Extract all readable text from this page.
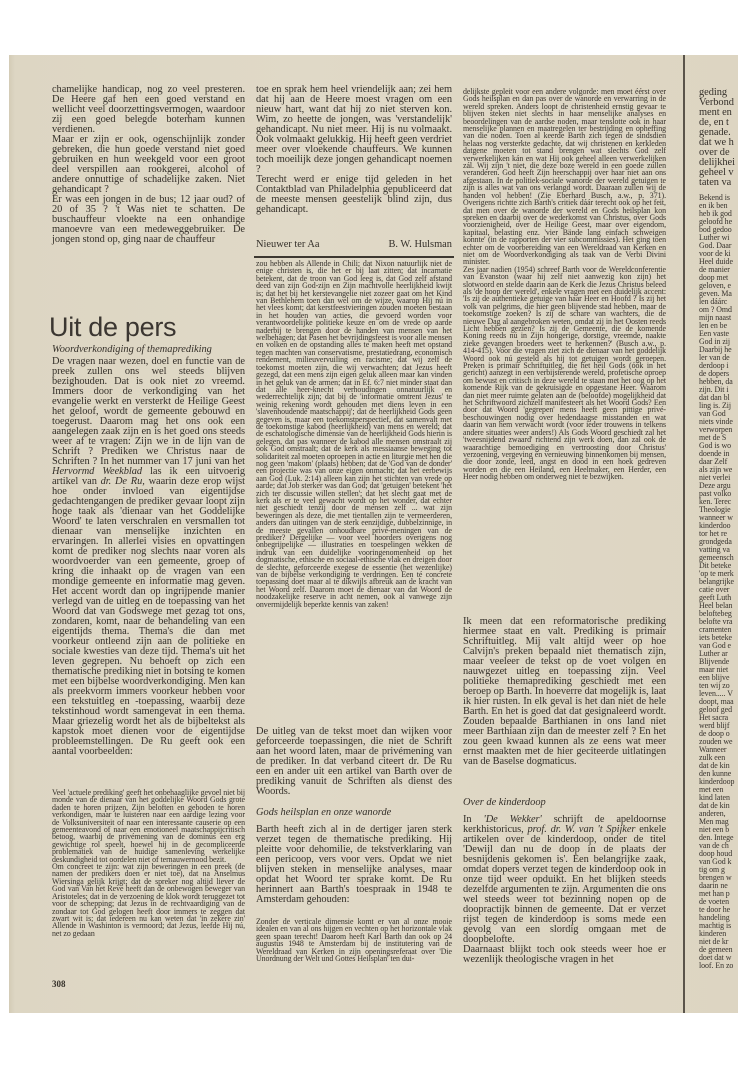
chamelijke handicap, nog zo veel presteren. De Heere gaf hen een goed verstand en wellicht veel doorzettingsvermogen, waardoor zij een goed belegde boterham kunnen verdienen.

Maar er zijn er ook, ogenschijnlijk zonder gebreken, die hun goede verstand niet goed gebruiken en hun weekgeld voor een groot deel verspillen aan rookgerei, alcohol of andere onnuttige of schadelijke zaken. Niet gehandicapt ?

Er was een jongen in de bus; 12 jaar oud? of 20 of 35 ? 't Was niet te schatten. De buschauffeur vloekte na een onhandige manoevre van een medeweggebruiker. De jongen stond op, ging naar de chauffeur

Uit de pers
Woordverkondiging of themaprediking

De vragen naar wezen, doel en functie van de preek zullen ons wel steeds blijven bezighouden. Dat is ook niet zo vreemd. Immers door de verkondiging van het evangelie werkt en versterkt de Heilige Geest het geloof, wordt de gemeente gebouwd en toegerust. Daarom mag het ons ook een aangelegen zaak zijn en is het goed ons steeds weer af te vragen: Zijn we in de lijn van de Schrift ? Prediken we Christus naar de Schriften ? In het nummer van 17 juni van het Hervormd Weekblad las ik een uitvoerig artikel van dr. De Ru, waarin deze erop wijst hoe onder invloed van eigentijdse gedachtengangen de prediker gevaar loopt zijn hoge taak als 'dienaar van het Goddelijke Woord' te laten verschralen en versmallen tot dienaar van menselijke inzichten en ervaringen. In allerlei visies en opvattingen komt de prediker nog slechts naar voren als woordvoerder van een gemeente, groep of kring die inhaakt op de vragen van een mondige gemeente en informatie mag geven. Het accent wordt dan op ingrijpende manier verlegd van de uitleg en de toepassing van het Woord dat van Godswege met gezag tot ons, zondaren, komt, naar de behandeling van een eigentijds thema. Thema's die dan met voorkeur ontleend zijn aan de politieke en sociale kwesties van deze tijd. Thema's uit het leven gegrepen. Nu behoeft op zich een thematische prediking niet in botsing te komen met een bijbelse woordverkondiging. Men kan als preekvorm immers voorkeur hebben voor een tekstuitleg en -toepassing, waarbij deze tekstinhoud wordt samengevat in een thema. Maar griezelig wordt het als de bijbeltekst als kapstok moet dienen voor de eigentijdse probleemstellingen. De Ru geeft ook een aantal voorbeelden:

Veel 'actuele prediking' geeft het onbehaaglijke gevoel niet bij monde van de dienaar van het goddelijke Woord Gods grote daden te horen prijzen, Zijn beloften en geboden te horen verkondigen, maar te luisteren naar een aardige lezing voor de Volksuniversiteit of naar een interessante causerie op een gemeenteavond of naar een emotioneel maatschappijcritisch betoog, waarbij de privémening van de dominus een erg gewichtige rol speelt, hoewel hij in de gecompliceerde problematiek van de huidige samenleving werkelijke deskundigheid tot oordelen niet of ternauwernood bezit.

Om concreet te zijn: wat zijn beweringen in een preek (de namen der predikers doen er niet toe), dat na Anselmus Wiersinga gelijk krijgt; dat de spreker nog altijd liever de God van Van het Reve heeft dan de onbewogen beweger van Aristoteles; dat in de verzoening de klok wordt teruggezet tot voor de schepping; dat Jezus in de rechtvaardiging van de zondaar tot God gelogen heeft door immers te zeggen dat zwart wit is; dat iedereen nu kan weten dat 'in zekere zin' Allende in Washinton is vermoord; dat Jezus, leefde Hij nú, net zo gedaan

308

toe en sprak hem heel vriendelijk aan; zei hem dat hij aan de Heere moest vragen om een nieuw hart, want dat hij zo niet sterven kon. Wim, zo heette de jongen, was 'verstandelijk' gehandicapt. Nu niet meer. Hij is nu volmaakt. Ook volmaakt gelukkig. Hij heeft geen verdriet meer over vloekende chauffeurs. We kunnen toch moeilijk deze jongen gehandicapt noemen ?

Terecht werd er enige tijd geleden in het Contaktblad van Philadelphia gepubliceerd dat de meeste mensen geestelijk blind zijn, dus gehandicapt.

Nieuwer ter Aa	B. W. Hulsman

zou hebben als Allende in Chili; dat Nixon natuurlijk niet de enige christen is, die het er bij laat zitten; dat incarnatie betekent, dat de troon van God leeg is, dat God zelf afstand deed van zijn God-zijn en Zijn machtvolle heerlijkheid kwijt is; dat het bij het kerstevangelie niet zozeer gaat om het Kind van Bethlehem toen dan wel om de wijze, waarop Hij nú in het vlees komt; dat kerstfeestvieringen zouden moeten bestaan in het houden van acties, die gevoerd worden voor verantwoordelijke politieke keuze en om de vrede op aarde naderbij te brengen door de handen van mensen van het welbehagen; dat Pasen het bevrijdingsfeest is voor alle mensen en volken en de opstanding alles te maken heeft met opstand tegen machten van conservatisme, prestatiedrang, economisch rendement, milieuvervuiling en racisme; dat wij zelf de toekomst moeten zijn, die wij verwachten; dat Jezus heeft gezegd, dat een mens zijn eigen geluk alleen maar kan vinden in het geluk van de armen; dat in Ef. 6:7 niet minder staat dan dat alle heer-knecht verhoudingen onnatuurlijk en wederrechtelijk zijn; dat bij de 'informatie omtrent Jezus' te weinig rekening wordt gehouden met diens leven in een 'slavenhoudende maatschappij'; dat de heerlijkheid Gods geen gegeven is, maar een toekomstperspectief, dat samenvalt met de toekomstige kabod (heerlijkheid) van mens en wereld; dat de eschatologische dimensie van de heerlijkheid Gods hierin is gelegen, dat pas wanneer de kabod alle mensen omstraalt zij ook God omstraalt; dat de kerk als messiaanse beweging tot solidariteit zal moeten oproepen in actie en liturgie met hen die nog geen 'makom' (plaats) hebben; dat de 'God van de donder' een projectie was van onze eigen onmacht; dat het eerbewijs aan God (Luk. 2:14) alleen kan zijn het stichten van vrede op aarde; dat Job sterker was dan God; dat 'getuigen' betekent 'het zich ter discussie willen stellen'; dat het slecht gaat met de kerk als er te veel gewacht wordt op het wonder, dat echter niet geschiedt tenzij door de mensen zelf ... wat zijn beweringen als deze, die met tientallen zijn te vermeerderen, anders dan uitingen van de sterk eenzijdige, dubbelzinnige, in de meeste gevallen onhoudbare privé-meningen van de prediker? Dergelijke — voor veel hoorders overigens nog onbegrijpelijke — illustraties en toespelingen wekken de indruk van een duidelijke vooringenomenheid op het dogmatische, ethische en sociaal-ethische vlak en dreigen door de slechte, geforceerde exegese de essentie (het wezenlijke) van de bijbelse verkondiging te verdringen. Een té concrete toepassing doet maar al te dikwijls afbreuk aan de kracht van het Woord zelf. Daarom moet de dienaar van dat Woord de noodzakelijke reserve in acht nemen, ook al vanwege zijn onvermijdelijk beperkte kennis van zaken!

De uitleg van de tekst moet dan wijken voor geforceerde toepassingen, die niet de Schrift aan het woord laten, maar de privémening van de prediker. In dat verband citeert dr. De Ru een en ander uit een artikel van Barth over de prediking vanuit de Schriften als dienst des Woords.

Gods heilsplan en onze wanorde

Barth heeft zich al in de dertiger jaren sterk verzet tegen de thematische prediking. Hij pleitte voor dehomilie, de tekstverklaring van een pericoop, vers voor vers. Opdat we niet blijven steken in menselijke analyses, maar opdat het Woord ter sprake komt. De Ru herinnert aan Barth's toespraak in 1948 te Amsterdam gehouden:

Zonder de verticale dimensie komt er van al onze mooie idealen en van al ons hijgen en vechten op het horizontale vlak geen spaan terecht! Daarom heeft Karl Barth dan ook op 24 augustus 1948 te Amsterdam bij de institutering van de Wereldraad van Kerken in zijn openingsreferaat over 'Die Unordnung der Welt und Gottes Heilsplan' ten dui-

delijkste gepleit voor een andere volgorde: men moet éérst over Gods heilsplan en dan pas over de wanorde en verwarring in de wereld spreken. Anders loopt de christenheid ernstig gevaar te blijven steken niet slechts in haar menselijke analyses en beoordelingen van de aardse noden, maar tenslotte ook in haar menselijke plannen en maatregelen ter bestrijding en opheffing van die noden. Toen al keerde Barth zich tegen de sindsdien helaas nog versterkte gedachte, dat wij christenen en kerkleden datgene moeten tot stand brengen wat slechts God zelf verwerkelijken kán en wat Hij ook geheel alleen verwerkelijken zál. Wij zijn 't niet, die deze boze wereld in een goede zullen veranderen. God heeft Zijn heerschappij over haar niet aan ons afgestaan. In de politiek-sociale wanorde der wereld getuigen te zijn is alles wat van ons verlangd wordt. Daaraan zullen wij de handen vol hebben! (Zie Eberhard Busch, a.w., p. 371). Overigens richtte zich Barth's critiek dáár terecht ook op het feit, dat men over de wanorde der wereld en Gods heilsplan kon spreken en daarbij over de wederkomst van Christus, over Gods voorzienigheid, over de Heilige Geest, maar over eigendom, kapitaal, belasting enz. 'vier Bände lang einfach schweigen konnte' (in de rapporten der vier subcommissies). Het ging toen echter om de voorbereiding van een Wereldraad van Kerken en niet om de Woordverkondiging als taak van de Verbi Divini minister.

Zes jaar nadien (1954) schreef Barth voor de Wereldconferentie van Evanston (waar hij zelf niet aanwezig kon zijn) het slotwoord en stelde daarin aan de Kerk die Jezus Christus beleed als 'de hoop der wereld', enkele vragen met een duidelijk accent: 'Is zij de authentieke getuige van haar Heer en Hoofd ? Is zij het volk van pelgrims, die hier geen blijvende stad hebben, maar de toekomstige zoeken? Is zij de schare van wachters, die de nieuwe Dag al aangebroken weten, omdat zij in het Oosten reeds Licht hebben gezien? Is zij de Gemeente, die de komende Koning reeds nú in Zijn hongerige, dorstige, vreemde, naakte zieke gevangen broeders weet te herkennen?' (Busch a.w., p. 414-415). Voor die vragen ziet zich de dienaar van het goddelijk Woord ook nú gesteld als hij tot getuigen wordt geroepen. Preken is primair Schriftuitleg, die het heil Gods (óók in het gericht) aanzegt in een verbijsterende wereld, profetische oproep om bewust en critisch in deze wereld te staan met het oog op het komende Rijk van de gekruisigde en opgestane Heer. Waarom dan niet meer ruimte gelaten aan de (beloofde) mogelijkheid dat het Schriftwoord zichzelf manifesteert als het Woord Gods? Een door dat Woord 'gegrepen' mens heeft geen pittige privé-beschouwingen nodig over hedendaagse misstanden en wat daarin van hem verwacht wordt (voor ieder trouwens in telkens andere situaties weer anders!) Als Gods Woord geschiedt zal het 'tweesnijdend zwaard' richtend zijn werk doen, dan zal ook de waarachtige bemoediging en vertroosting door Christus' verzoening, vergeving én vernieuwing binnenkomen bij mensen, die door zonde, leed, angst en dood in een hoek gedreven worden en die een Heiland, een Heelmaker, een Herder, een Heer nodig hebben om onderweg niet te bezwijken.

Ik meen dat een reformatorische prediking hiermee staat en valt. Prediking is primair Schriftuitleg. Mij valt altijd weer op hoe Calvijn's preken bepaald niet thematisch zijn, maar veeleer de tekst op de voet volgen en nauwgezet uitleg en toepassing zijn. Veel politieke themaprediking geschiedt met een beroep op Barth. In hoeverre dat mogelijk is, laat ik hier rusten. In elk geval is het dan niet de hele Barth. En het is goed dat dat gesignaleerd wordt. Zouden bepaalde Barthianen in ons land niet meer Barthiaan zijn dan de meester zelf ? En het zou geen kwaad kunnen als ze eens wat meer ernst maakten met de hier geciteerde uitlatingen van de Baselse dogmaticus.

Over de kinderdoop

In 'De Wekker' schrijft de apeldoornse kerkhistoricus, prof. dr. W. van 't Spijker enkele artikelen over de kinderdoop, onder de titel 'Dewijl dan nu de doop in de plaats der besnijdenis gekomen is'. Een belangrijke zaak, omdat dopers verzet tegen de kinderdoop ook in onze tijd weer opduikt. En het blijken steeds dezelfde argumenten te zijn. Argumenten die ons wel steeds weer tot bezinning nopen op de doopractijk binnen de gemeente. Dat er verzet rijst tegen de kinderdoop is soms mede een gevolg van een slordig omgaan met de doopbelofte.

Daarnaast blijkt toch ook steeds weer hoe er wezenlijk theologische vragen in het

geding
Verbond
ment en
de, en t
genade.
dat we h
over de
delijkhei
geheel v
taten va
Bekend is
en ik ben
heb ik god
geloofd he
bod gedoo
Luther wi
God. Daar
voor de ki
Heel duide
de manier
doop met
geloven, e
geven. Ma
len dáárc
om ? Omd
mijn naast
len en be
Een vaste
God in zij
Daarbij he
ler van de
derdoop i
de dopers
hebben, da
zijn. Dit i
dat dan bl
ling is. Zij
van God
niets vinde
verworpen
met de S
God is wo
doende in
daar Zelf
als zijn we
niet verlei
Deze argu
past volko
ken. Terec
Theologie
wanneer w
kinderdoo
tor het re
grondgeda
vatting va
gemeensch
Dit beteke
'op te merk
belangrijke
catie over
geeft Luth
Heel belan
beloftebeg
belofte vra
cramenten
iets beteke
van God e
Luther ar
Blijvende
maar niet
een blijve
ten wij zo
leven..... V
doopt, maa
geloof ged
Het sacra
werd blijf
de doop o
zouden we
Wanneer
zulk een
dat de kin
den kunne
kinderdoop
met een
kind laten
dat de kin
anderen,
Men mag
niet een b
den. Intege
van de ch
doop houd
van God k
tig om g
brengen w
daarin ne
met han p
de voeten
te door he
handeling
machtig is
kinderen
niet de kr
de gemeen
doet dat w
loof. En zo
